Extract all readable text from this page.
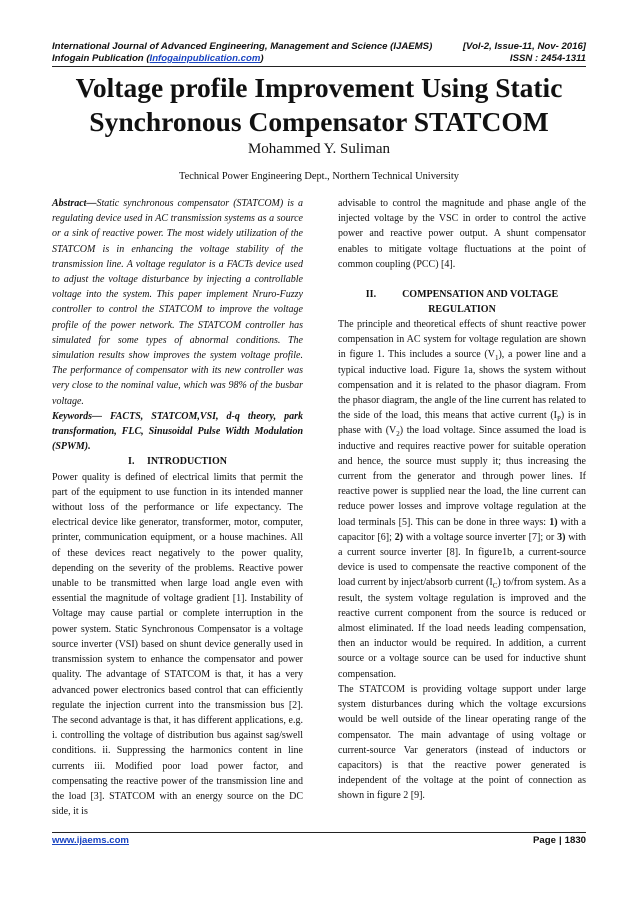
International Journal of Advanced Engineering, Management and Science (IJAEMS)	[Vol-2, Issue-11, Nov- 2016]
Infogain Publication (Infogainpublication.com)	ISSN : 2454-1311
Voltage profile Improvement Using Static
Synchronous Compensator STATCOM
Mohammed Y. Suliman
Technical Power Engineering Dept., Northern Technical University

Abstract—Static synchronous compensator (STATCOM) is a regulating device used in AC transmission systems as a source or a sink of reactive power. The most widely utilization of the STATCOM is in enhancing the voltage stability of the transmission line. A voltage regulator is a FACTs device used to adjust the voltage disturbance by injecting a controllable voltage into the system. This paper implement Nruro-Fuzzy controller to control the STATCOM to improve the voltage profile of the power network. The STATCOM controller has simulated for some types of abnormal conditions. The simulation results show improves the system voltage profile. The performance of compensator with its new controller was very close to the nominal value, which was 98% of the busbar voltage.

Keywords— FACTS, STATCOM,VSI, d-q theory, park transformation, FLC, Sinusoidal Pulse Width Modulation (SPWM).

I.     INTRODUCTION

Power quality is defined of electrical limits that permit the part of the equipment to use function in its intended manner without loss of the performance or life expectancy. The electrical device like generator, transformer, motor, computer, printer, communication equipment, or a house machines. All of these devices react negatively to the power quality, depending on the severity of the problems. Reactive power unable to be transmitted when large load angle even with essential the magnitude of voltage gradient [1]. Instability of Voltage may cause partial or complete interruption in the power system. Static Synchronous Compensator is a voltage source inverter (VSI) based on shunt device generally used in transmission system to enhance the compensator and power quality. The advantage of STATCOM is that, it has a very advanced power electronics based control that can efficiently regulate the injection current into the transmission bus [2]. The second advantage is that, it has different applications, e.g. i. controlling the voltage of distribution bus against sag/swell conditions. ii. Suppressing the harmonics content in line currents iii. Modified poor load power factor, and compensating the reactive power of the transmission line and the load [3]. STATCOM with an energy source on the DC side, it is

advisable to control the magnitude and phase angle of the injected voltage by the VSC in order to control the active power and reactive power output. A shunt compensator enables to mitigate voltage fluctuations at the point of common coupling (PCC) [4].

II.	COMPENSATION AND VOLTAGE
REGULATION

The principle and theoretical effects of shunt reactive power compensation in AC system for voltage regulation are shown in figure 1. This includes a source $(V_1)$, a power line and a typical inductive load. Figure 1a, shows the system without compensation and it is related to the phasor diagram. From the phasor diagram, the angle of the line current has related to the side of the load, this means that active current $(I_P)$ is in phase with $(V_2)$ the load voltage. Since assumed the load is inductive and requires reactive power for suitable operation and hence, the source must supply it; thus increasing the current from the generator and through power lines. If reactive power is supplied near the load, the line current can reduce power losses and improve voltage regulation at the load terminals [5]. This can be done in three ways: 1) with a capacitor [6]; 2) with a voltage source inverter [7]; or 3) with a current source inverter [8]. In figure1b, a current-source device is used to compensate the reactive component of the load current by inject/absorb current $(I_C)$ to/from system. As a result, the system voltage regulation is improved and the reactive current component from the source is reduced or almost eliminated. If the load needs leading compensation, then an inductor would be required. In addition, a current source or a voltage source can be used for inductive shunt compensation.

The STATCOM is providing voltage support under large system disturbances during which the voltage excursions would be well outside of the linear operating range of the compensator. The main advantage of using voltage or current-source Var generators (instead of inductors or capacitors) is that the reactive power generated is independent of the voltage at the point of connection as shown in figure 2 [9].

www.ijaems.com	Page | 1830
